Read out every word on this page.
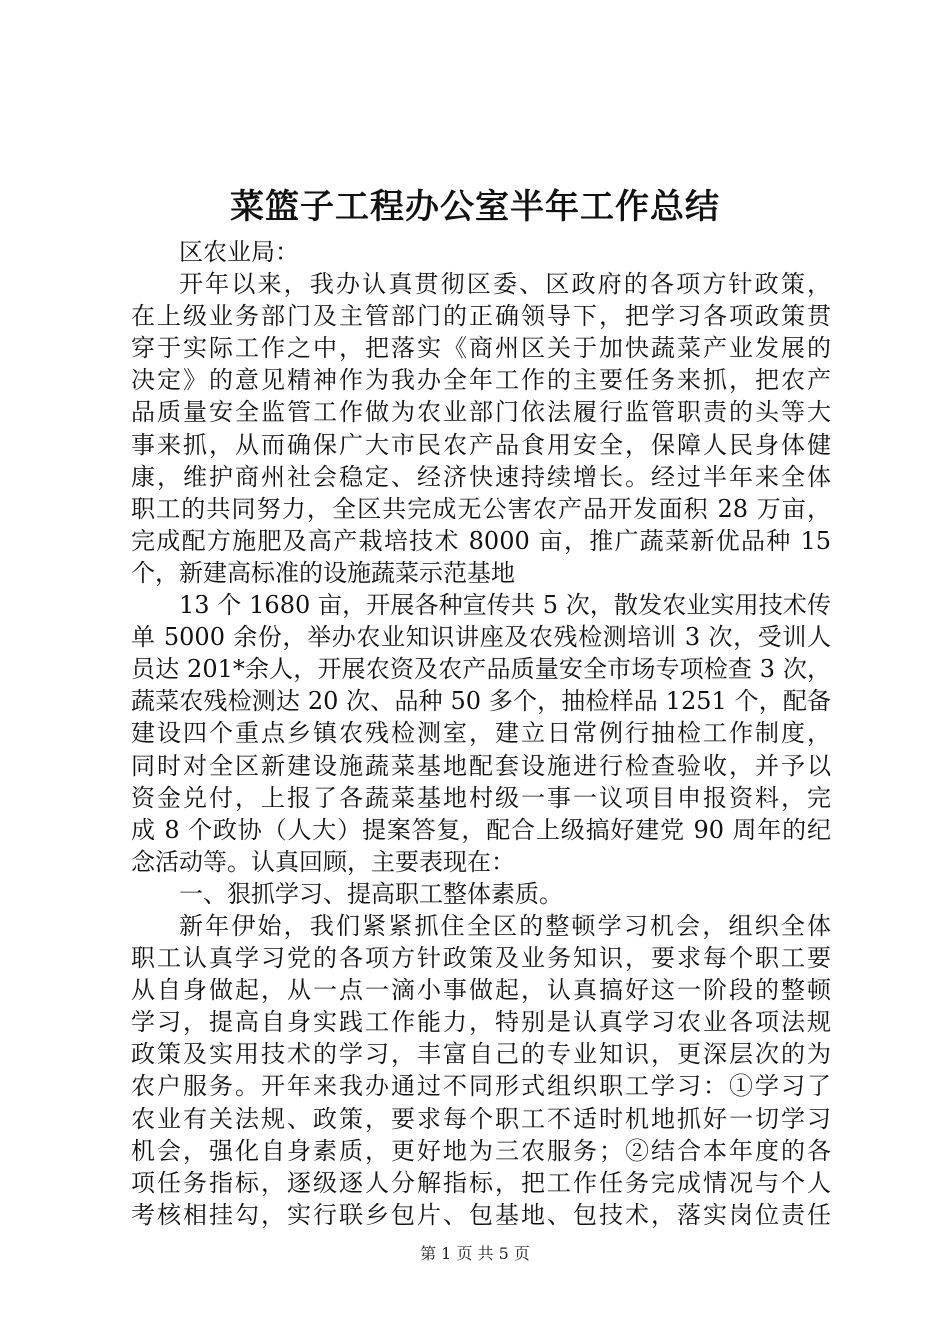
菜篮子工程办公室半年工作总结
区农业局：
开年以来，我办认真贯彻区委、区政府的各项方针政策，
在上级业务部门及主管部门的正确领导下，把学习各项政策贯
穿于实际工作之中，把落实《商州区关于加快蔬菜产业发展的
决定》的意见精神作为我办全年工作的主要任务来抓，把农产
品质量安全监管工作做为农业部门依法履行监管职责的头等大
事来抓，从而确保广大市民农产品食用安全，保障人民身体健
康，维护商州社会稳定、经济快速持续增长。经过半年来全体
职工的共同努力，全区共完成无公害农产品开发面积 28 万亩，
完成配方施肥及高产栽培技术 8000 亩，推广蔬菜新优品种 15
个，新建高标准的设施蔬菜示范基地
13 个 1680 亩，开展各种宣传共 5 次，散发农业实用技术传
单 5000 余份，举办农业知识讲座及农残检测培训 3 次，受训人
员达 201*余人，开展农资及农产品质量安全市场专项检查 3 次，
蔬菜农残检测达 20 次、品种 50 多个，抽检样品 1251 个，配备
建设四个重点乡镇农残检测室，建立日常例行抽检工作制度，
同时对全区新建设施蔬菜基地配套设施进行检查验收，并予以
资金兑付，上报了各蔬菜基地村级一事一议项目申报资料，完
成 8 个政协（人大）提案答复，配合上级搞好建党 90 周年的纪
念活动等。认真回顾，主要表现在：
一、狠抓学习、提高职工整体素质。
新年伊始，我们紧紧抓住全区的整顿学习机会，组织全体
职工认真学习党的各项方针政策及业务知识，要求每个职工要
从自身做起，从一点一滴小事做起，认真搞好这一阶段的整顿
学习，提高自身实践工作能力，特别是认真学习农业各项法规
政策及实用技术的学习，丰富自己的专业知识，更深层次的为
农户服务。开年来我办通过不同形式组织职工学习：①学习了
农业有关法规、政策，要求每个职工不适时机地抓好一切学习
机会，强化自身素质，更好地为三农服务；②结合本年度的各
项任务指标，逐级逐人分解指标，把工作任务完成情况与个人
考核相挂勾，实行联乡包片、包基地、包技术，落实岗位责任
第 1 页 共 5 页
